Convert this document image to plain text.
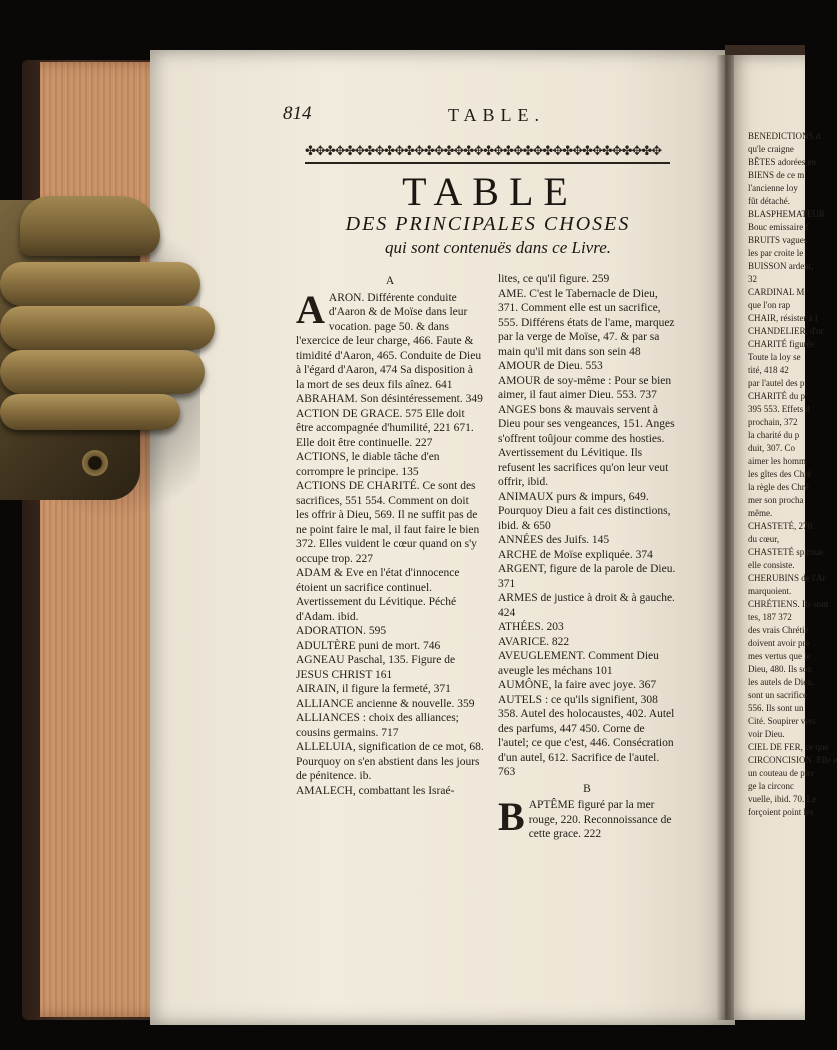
814	TABLE.
✤✥✤✥✤✥✤✥✤✥✤✥✤✥✤✥✤✥✤✥✤✥✤✥✤✥✤✥✤✥✤✥✤✥✤✥
TABLE
DES PRINCIPALES CHOSES
qui sont contenuës dans ce Livre.
A

AARON. Différente conduite d'Aaron & de Moïse dans leur vocation. page 50. & dans l'exercice de leur charge, 466. Faute & timidité d'Aaron, 465. Conduite de Dieu à l'égard d'Aaron, 474 Sa disposition à la mort de ses deux fils aînez. 641

ABRAHAM. Son désintéressement. 349

ACTION DE GRACE. 575 Elle doit être accompagnée d'humilité, 221 671. Elle doit être continuelle. 227

ACTIONS, le diable tâche d'en corrompre le principe. 135

ACTIONS DE CHARITÉ. Ce sont des sacrifices, 551 554. Comment on doit les offrir à Dieu, 569. Il ne suffit pas de ne point faire le mal, il faut faire le bien 372. Elles vuident le cœur quand on s'y occupe trop. 227

ADAM & Eve en l'état d'innocence étoient un sacrifice continuel. Avertissement du Lévitique. Péché d'Adam. ibid.

ADORATION. 595

ADULTÈRE puni de mort. 746

AGNEAU Paschal, 135. Figure de JESUS CHRIST 161

AIRAIN, il figure la fermeté, 371

ALLIANCE ancienne & nouvelle. 359

ALLIANCES : choix des alliances; cousins germains. 717

ALLELUIA, signification de ce mot, 68. Pourquoy on s'en abstient dans les jours de pénitence. ib.

AMALECH, combattant les Israé-

lites, ce qu'il figure. 259

AME. C'est le Tabernacle de Dieu, 371. Comment elle est un sacrifice, 555. Différens états de l'ame, marquez par la verge de Moïse, 47. & par sa main qu'il mit dans son sein 48

AMOUR de Dieu. 553

AMOUR de soy-même : Pour se bien aimer, il faut aimer Dieu. 553. 737

ANGES bons & mauvais servent à Dieu pour ses vengeances, 151. Anges s'offrent toûjour comme des hosties. Avertissement du Lévitique. Ils refusent les sacrifices qu'on leur veut offrir, ibid.

ANIMAUX purs & impurs, 649. Pourquoy Dieu a fait ces distinctions, ibid. & 650

ANNÉES des Juifs. 145

ARCHE de Moïse expliquée. 374

ARGENT, figure de la parole de Dieu. 371

ARMES de justice à droit & à gauche. 424

ATHÉES. 203

AVARICE. 822

AVEUGLEMENT. Comment Dieu aveugle les méchans 101

AUMÔNE, la faire avec joye. 367

AUTELS : ce qu'ils signifient, 308 358. Autel des holocaustes, 402. Autel des parfums, 447 450. Corne de l'autel; ce que c'est, 446. Consécration d'un autel, 612. Sacrifice de l'autel. 763

B

BAPTÊME figuré par la mer rouge, 220. Reconnoissance de cette grace. 222

BENEDICTIONS d
qu'le craigne
BÊTES adorées en
BIENS de ce m
l'ancienne loy
fût détaché.
BLASPHEMATEUR
Bouc emissaire f
BRUITS vagues
les par croite le
BUISSON ardent,
32
CARDINAL M
que l'on rap
CHAIR, résister à l
CHANDELIER, d'or
CHARITÉ figurée
Toute la loy se
tité, 418 42
par l'autel des p
CHARITÉ du p
395 553. Effets d
prochain, 372
la charité du p
duit, 307. Co
aimer les homm
les gîtes des Chré
la règle des Chré
mer son procha
même.
CHASTETÉ, 270.
du cœur,
CHASTETÉ spiritue
elle consiste.
CHERUBINS de l'Ar
marquoient.
CHRÉTIENS. Ils sont
tes, 187 372
des vrais Chrétie
doivent avoir pre
mes vertus que le
Dieu, 480. Ils son
les autels de Dieu,
sont un sacrifice
556. Ils sont un
Cité. Soupirer vers
voir Dieu.
CIEL DE FER, ce que
CIRCONCISION. Elle e
un couteau de pier
ge la circonc
vuelle, ibid. 70. Le
forçoient point les
